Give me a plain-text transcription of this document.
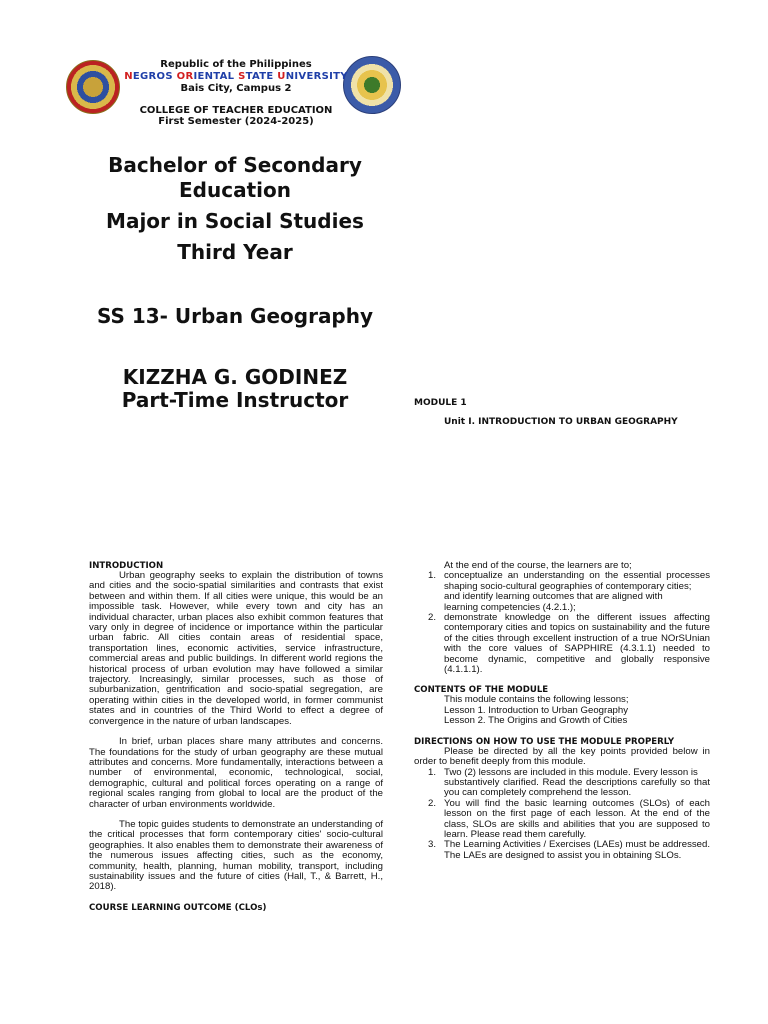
Republic of the Philippines
NEGROS ORIENTAL STATE UNIVERSITY
Bais City, Campus 2
COLLEGE OF TEACHER EDUCATION
First Semester (2024-2025)
Bachelor of Secondary
Education
Major in Social Studies
Third Year
SS 13- Urban Geography
KIZZHA G. GODINEZ
Part-Time Instructor	MODULE 1
Unit I. INTRODUCTION TO URBAN GEOGRAPHY
INTRODUCTION

Urban geography seeks to explain the distribution of towns and cities and the socio-spatial similarities and contrasts that exist between and within them. If all cities were unique, this would be an impossible task. However, while every town and city has an individual character, urban places also exhibit common features that vary only in degree of incidence or importance within the particular urban fabric. All cities contain areas of residential space, transportation lines, economic activities, service infrastructure, commercial areas and public buildings. In different world regions the historical process of urban evolution may have followed a similar trajectory. Increasingly, similar processes, such as those of suburbanization, gentrification and socio-spatial segregation, are operating within cities in the developed world, in former communist states and in countries of the Third World to effect a degree of convergence in the nature of urban landscapes.

In brief, urban places share many attributes and concerns. The foundations for the study of urban geography are these mutual attributes and concerns. More fundamentally, interactions between a number of environmental, economic, technological, social, demographic, cultural and political forces operating on a range of regional scales ranging from global to local are the product of the character of urban environments worldwide.

The topic guides students to demonstrate an understanding of the critical processes that form contemporary cities' socio-cultural geographies. It also enables them to demonstrate their awareness of the numerous issues affecting cities, such as the economy, community, health, planning, human mobility, transport, including sustainability issues and the future of cities (Hall, T., & Barrett, H., 2018).

COURSE LEARNING OUTCOME (CLOs)

At the end of the course, the learners are to;

1. conceptualize an understanding on the essential processes shaping socio-cultural geographies of contemporary cities;
and identify learning outcomes that are aligned with
learning competencies (4.2.1.);
2. demonstrate knowledge on the different issues affecting contemporary cities and topics on sustainability and the future of the cities through excellent instruction of a true NOrSUnian with the core values of SAPPHIRE (4.3.1.1) needed to become dynamic, competitive and globally responsive (4.1.1.1).
CONTENTS OF THE MODULE

This module contains the following lessons;

Lesson 1. Introduction to Urban Geography

Lesson 2. The Origins and Growth of Cities

DIRECTIONS ON HOW TO USE THE MODULE PROPERLY

Please be directed by all the key points provided below in order to benefit deeply from this module.

1. Two (2) lessons are included in this module. Every lesson is
substantively clarified. Read the descriptions carefully so that you can completely comprehend the lesson.
2. You will find the basic learning outcomes (SLOs) of each lesson on the first page of each lesson. At the end of the class, SLOs are skills and abilities that you are supposed to learn. Please read them carefully.
3. The Learning Activities / Exercises (LAEs) must be addressed. The LAEs are designed to assist you in obtaining SLOs.
